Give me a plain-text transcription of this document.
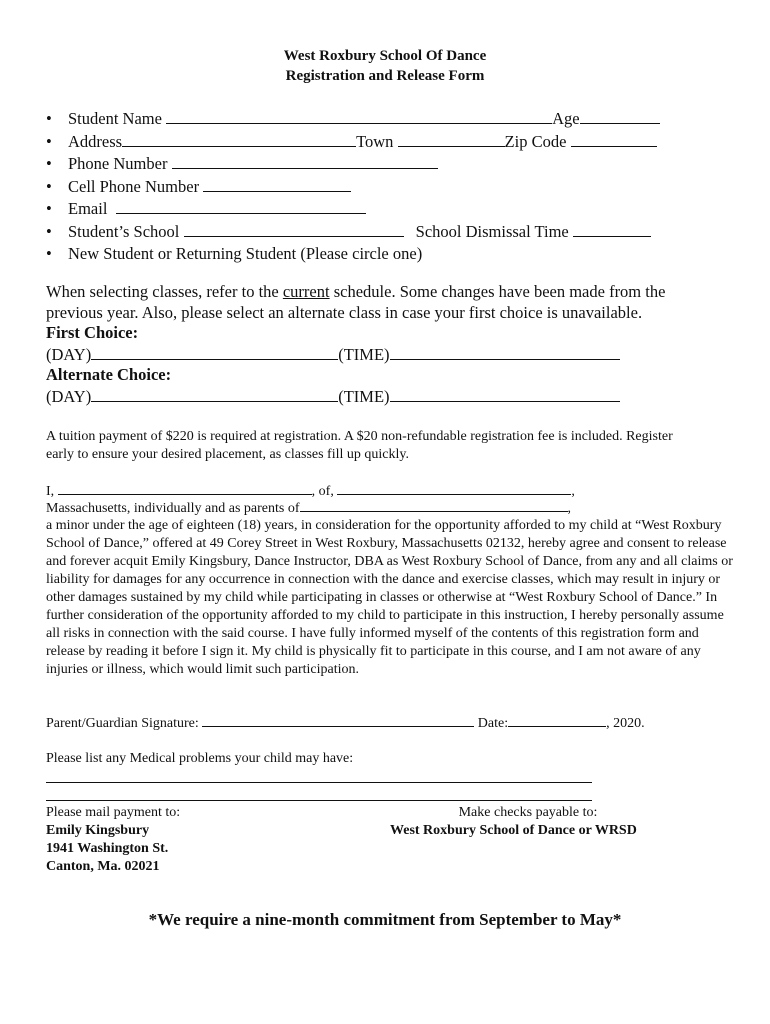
West Roxbury School Of Dance
Registration and Release Form
• Student Name	Age
• Address	Town	Zip Code
• Phone Number
• Cell Phone Number
• Email
• Student’s School	School Dismissal Time
• New Student or Returning Student (Please circle one)
When selecting classes, refer to the current schedule. Some changes have been made from the
previous year. Also, please select an alternate class in case your first choice is unavailable.
First Choice:
(DAY)	(TIME)
Alternate Choice:
(DAY)	(TIME)
A tuition payment of $220 is required at registration. A $20 non-refundable registration fee is included. Register
early to ensure your desired placement, as classes fill up quickly.
I,	, of,	,
Massachusetts, individually and as parents of	,
a minor under the age of eighteen (18) years, in consideration for the opportunity afforded to my child at “West Roxbury School of Dance,” offered at 49 Corey Street in West Roxbury, Massachusetts 02132, hereby agree and consent to release and forever acquit Emily Kingsbury, Dance Instructor, DBA as West Roxbury School of Dance, from any and all claims or liability for damages for any occurrence in connection with the dance and exercise classes, which may result in injury or other damages sustained by my child while participating in classes or otherwise at “West Roxbury School of Dance.” In further consideration of the opportunity afforded to my child to participate in this instruction, I hereby personally assume all risks in connection with the said course. I have fully informed myself of the contents of this registration form and release by reading it before I sign it. My child is physically fit to participate in this course, and I am not aware of any injuries or illness, which would limit such participation.
Parent/Guardian Signature:	Date:	, 2020.
Please list any Medical problems your child may have:
Please mail payment to:
Emily Kingsbury
1941 Washington St.
Canton, Ma. 02021
Make checks payable to:
West Roxbury School of Dance or WRSD
*We require a nine-month commitment from September to May*
